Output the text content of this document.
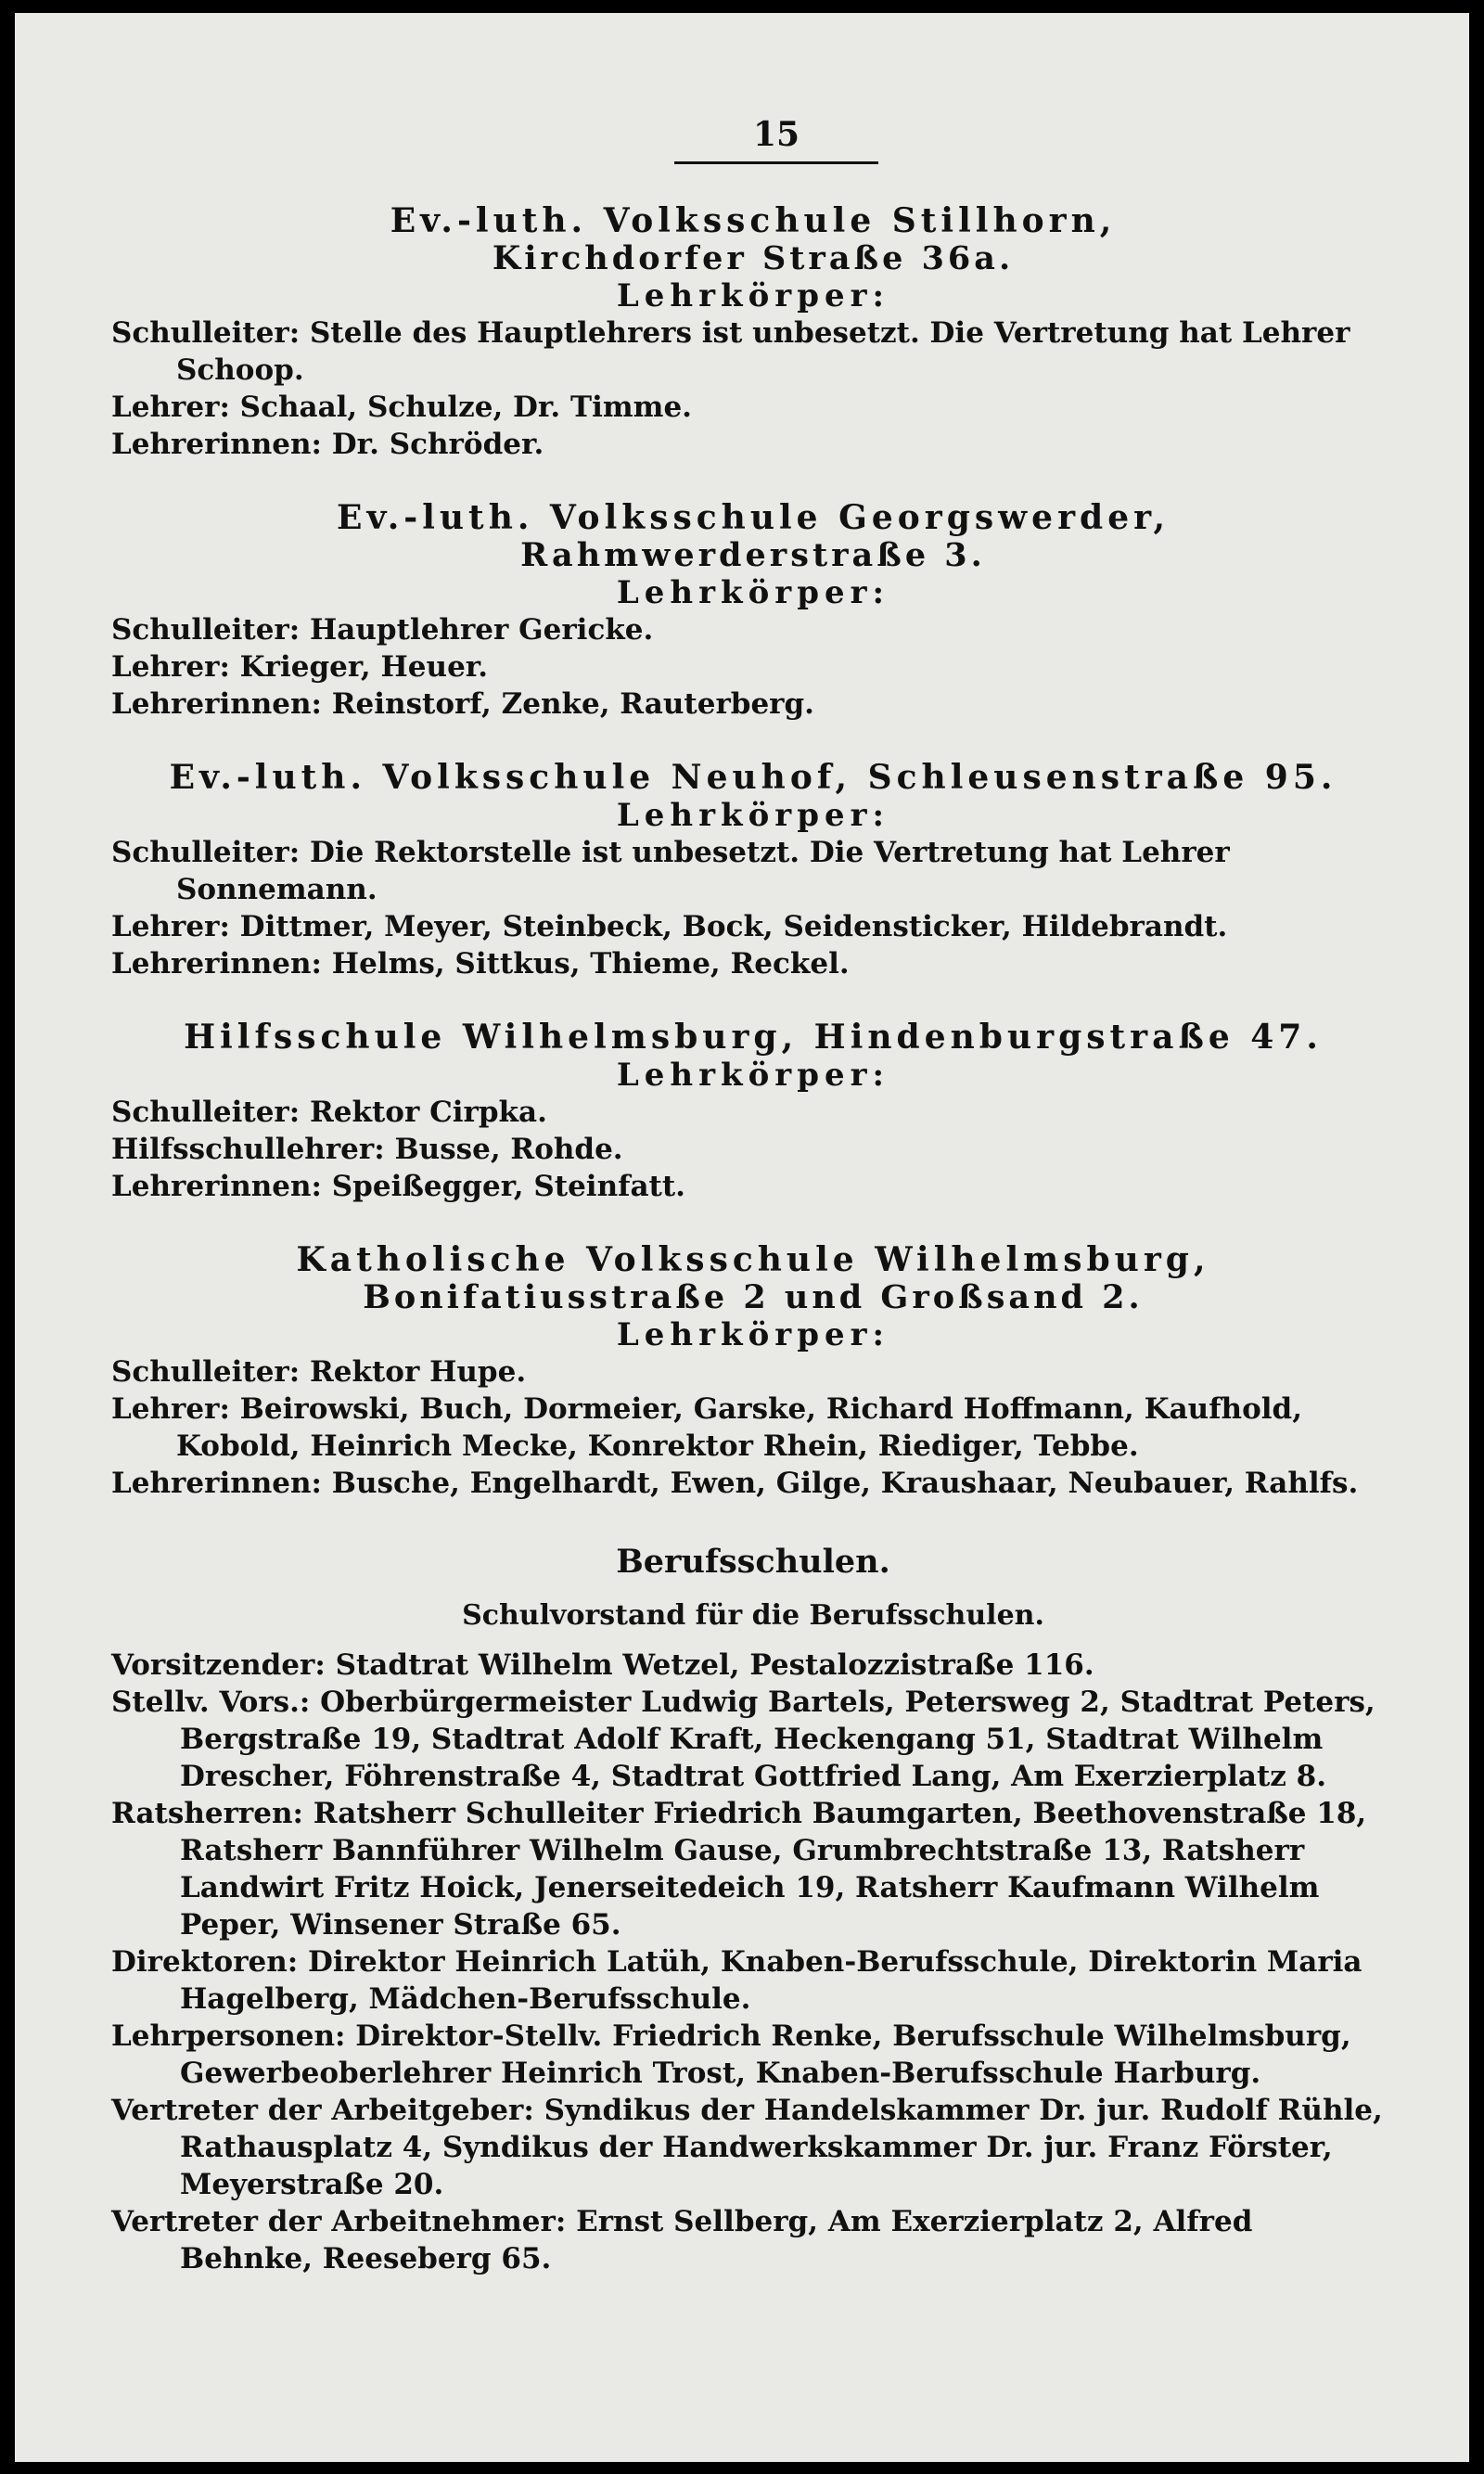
15

Ev.-luth. Volksschule Stillhorn,

Kirchdorfer Straße 36a.

Lehrkörper:

Schulleiter: Stelle des Hauptlehrers ist unbesetzt. Die Vertretung hat Lehrer Schoop.

Lehrer: Schaal, Schulze, Dr. Timme.

Lehrerinnen: Dr. Schröder.

Ev.-luth. Volksschule Georgswerder,

Rahmwerderstraße 3.

Lehrkörper:

Schulleiter: Hauptlehrer Gericke.

Lehrer: Krieger, Heuer.

Lehrerinnen: Reinstorf, Zenke, Rauterberg.

Ev.-luth. Volksschule Neuhof, Schleusenstraße 95.

Lehrkörper:

Schulleiter: Die Rektorstelle ist unbesetzt. Die Vertretung hat Lehrer Sonnemann.

Lehrer: Dittmer, Meyer, Steinbeck, Bock, Seidensticker, Hildebrandt.

Lehrerinnen: Helms, Sittkus, Thieme, Reckel.

Hilfsschule Wilhelmsburg, Hindenburgstraße 47.

Lehrkörper:

Schulleiter: Rektor Cirpka.

Hilfsschullehrer: Busse, Rohde.

Lehrerinnen: Speißegger, Steinfatt.

Katholische Volksschule Wilhelmsburg,

Bonifatiusstraße 2 und Großsand 2.

Lehrkörper:

Schulleiter: Rektor Hupe.

Lehrer: Beirowski, Buch, Dormeier, Garske, Richard Hoffmann, Kaufhold, Kobold, Heinrich Mecke, Konrektor Rhein, Riediger, Tebbe.

Lehrerinnen: Busche, Engelhardt, Ewen, Gilge, Kraushaar, Neubauer, Rahlfs.

Berufsschulen.
Schulvorstand für die Berufsschulen.

Vorsitzender: Stadtrat Wilhelm Wetzel, Pestalozzistraße 116.

Stellv. Vors.: Oberbürgermeister Ludwig Bartels, Petersweg 2, Stadtrat Peters, Bergstraße 19, Stadtrat Adolf Kraft, Heckengang 51, Stadtrat Wilhelm Drescher, Föhrenstraße 4, Stadtrat Gottfried Lang, Am Exerzierplatz 8.

Ratsherren: Ratsherr Schulleiter Friedrich Baumgarten, Beethovenstraße 18, Ratsherr Bannführer Wilhelm Gause, Grumbrechtstraße 13, Ratsherr Landwirt Fritz Hoick, Jenerseitedeich 19, Ratsherr Kaufmann Wilhelm Peper, Winsener Straße 65.

Direktoren: Direktor Heinrich Latüh, Knaben-Berufsschule, Direktorin Maria Hagelberg, Mädchen-Berufsschule.

Lehrpersonen: Direktor-Stellv. Friedrich Renke, Berufsschule Wilhelmsburg, Gewerbeoberlehrer Heinrich Trost, Knaben-Berufsschule Harburg.

Vertreter der Arbeitgeber: Syndikus der Handelskammer Dr. jur. Rudolf Rühle, Rathausplatz 4, Syndikus der Handwerkskammer Dr. jur. Franz Förster, Meyerstraße 20.

Vertreter der Arbeitnehmer: Ernst Sellberg, Am Exerzierplatz 2, Alfred Behnke, Reeseberg 65.
